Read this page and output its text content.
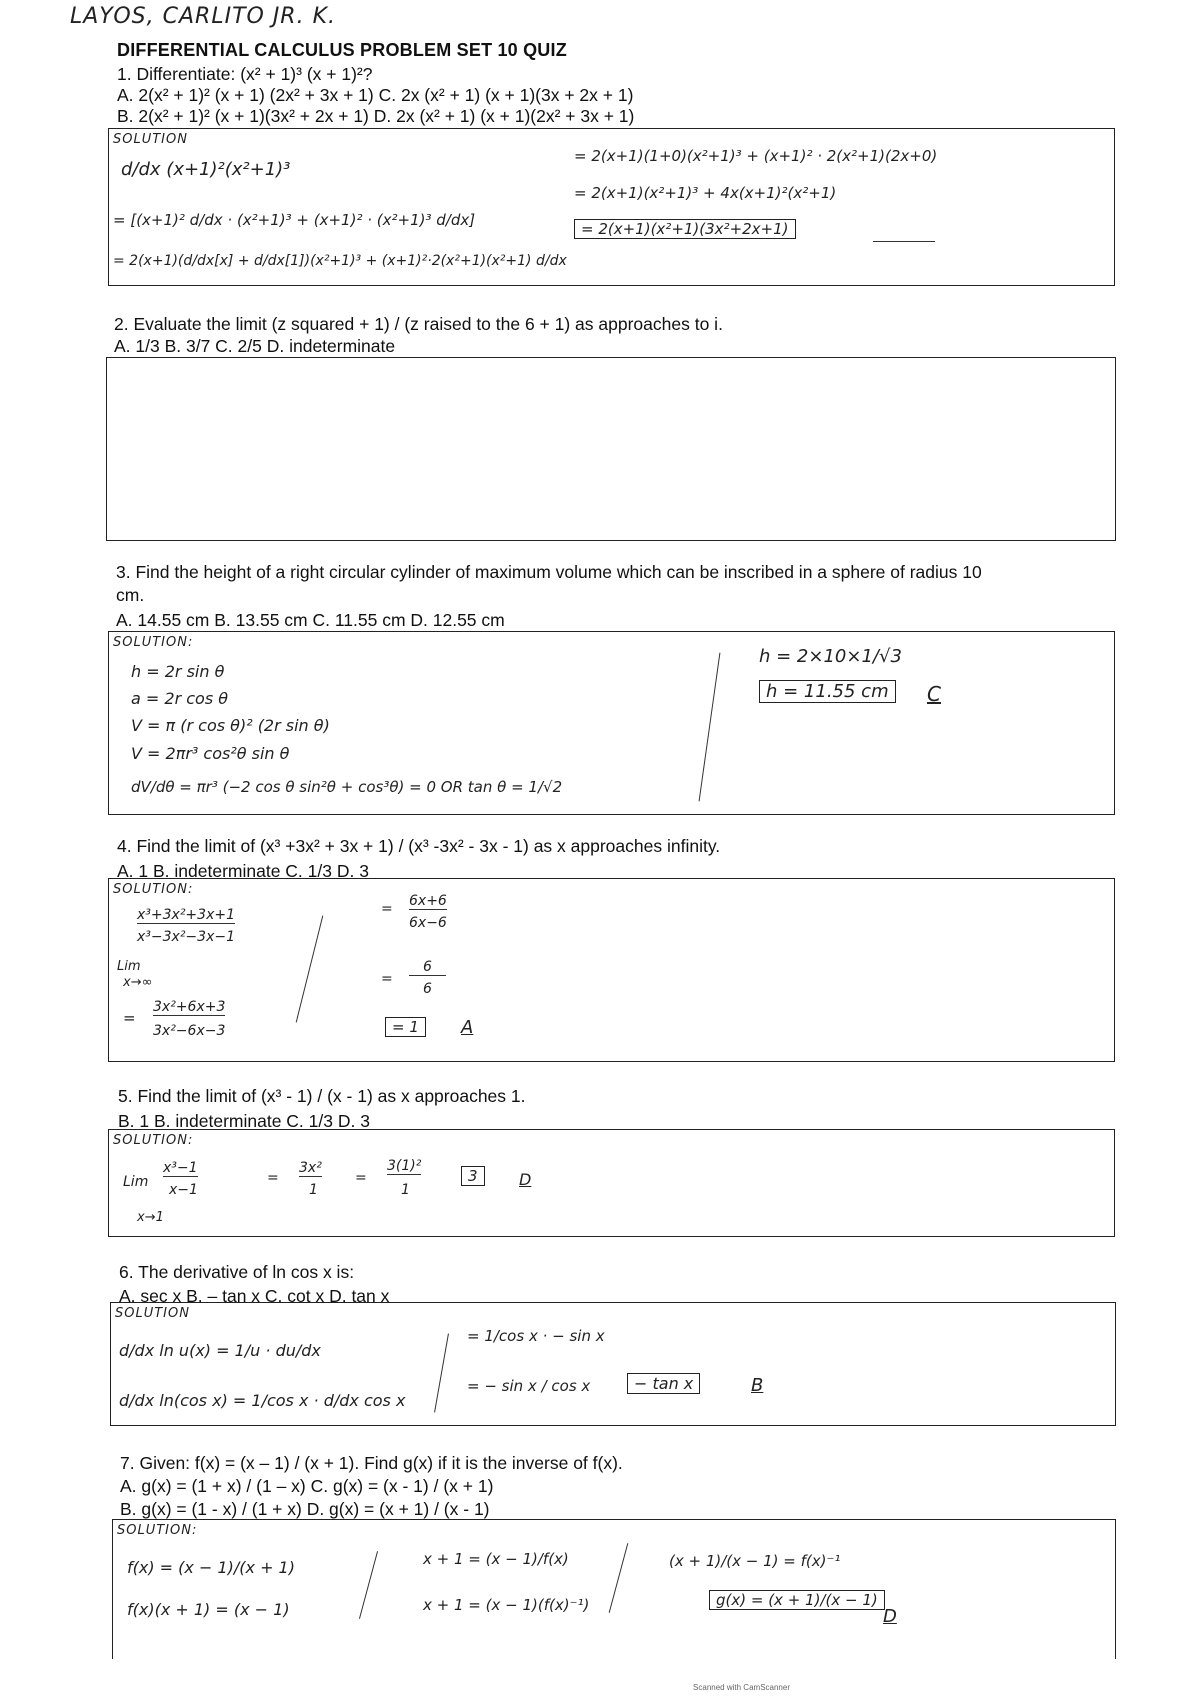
LAYOS, CARLITO JR. K.
DIFFERENTIAL CALCULUS PROBLEM SET 10 QUIZ
1. Differentiate: (x² + 1)³ (x + 1)²?
A. 2(x² + 1)² (x + 1) (2x² + 3x + 1) C. 2x (x² + 1) (x + 1)(3x + 2x + 1)
B. 2(x² + 1)² (x + 1)(3x² + 2x + 1) D. 2x (x² + 1) (x + 1)(2x² + 3x + 1)
SOLUTION
d/dx (x+1)²(x²+1)³
= [(x+1)² d/dx · (x²+1)³ + (x+1)² · (x²+1)³ d/dx]
= 2(x+1)(d/dx[x] + d/dx[1])(x²+1)³ + (x+1)²·2(x²+1)(x²+1) d/dx
= 2(x+1)(1+0)(x²+1)³ + (x+1)² · 2(x²+1)(2x+0)
= 2(x+1)(x²+1)³ + 4x(x+1)²(x²+1)
= 2(x+1)(x²+1)(3x²+2x+1)
2. Evaluate the limit (z squared + 1) / (z raised to the 6 + 1) as approaches to i.
A. 1/3 B. 3/7 C. 2/5 D. indeterminate
3. Find the height of a right circular cylinder of maximum volume which can be inscribed in a sphere of radius 10
cm.
A. 14.55 cm B. 13.55 cm C. 11.55 cm D. 12.55 cm
SOLUTION:
h = 2r sin θ
a = 2r cos θ
V = π (r cos θ)² (2r sin θ)
V = 2πr³ cos²θ sin θ
dV/dθ = πr³ (−2 cos θ sin²θ + cos³θ) = 0 OR tan θ = 1/√2
h = 2×10×1/√3
h = 11.55 cm	C
4. Find the limit of (x³ +3x² + 3x + 1) / (x³ -3x² - 3x - 1) as x approaches infinity.
A. 1 B. indeterminate C. 1/3 D. 3
SOLUTION:
x³+3x²+3x+1
x³−3x²−3x−1
Lim
x→∞
=
3x²+6x+3
3x²−6x−3
= 6x+6
6x−6
=
6
6
= 1	A
5. Find the limit of (x³ - 1) / (x - 1) as x approaches 1.
B. 1 B. indeterminate C. 1/3 D. 3
SOLUTION:
Lim
x→1
x³−1
x−1
=
3x²
1
=
3(1)²
1
3	D
6. The derivative of ln cos x is:
A. sec x B. – tan x C. cot x D. tan x
SOLUTION
d/dx ln u(x) = 1/u · du/dx
d/dx ln(cos x) = 1/cos x · d/dx cos x
= 1/cos x · − sin x
= − sin x / cos x	− tan x	B
7. Given: f(x) = (x – 1) / (x + 1). Find g(x) if it is the inverse of f(x).
A. g(x) = (1 + x) / (1 – x) C. g(x) = (x - 1) / (x + 1)
B. g(x) = (1 - x) / (1 + x) D. g(x) = (x + 1) / (x - 1)
SOLUTION:
f(x) = (x − 1)/(x + 1)
f(x)(x + 1) = (x − 1)
x + 1 = (x − 1)/f(x)
x + 1 = (x − 1)(f(x)⁻¹)
(x + 1)/(x − 1) = f(x)⁻¹
g(x) = (x + 1)/(x − 1)
D
Scanned with CamScanner
